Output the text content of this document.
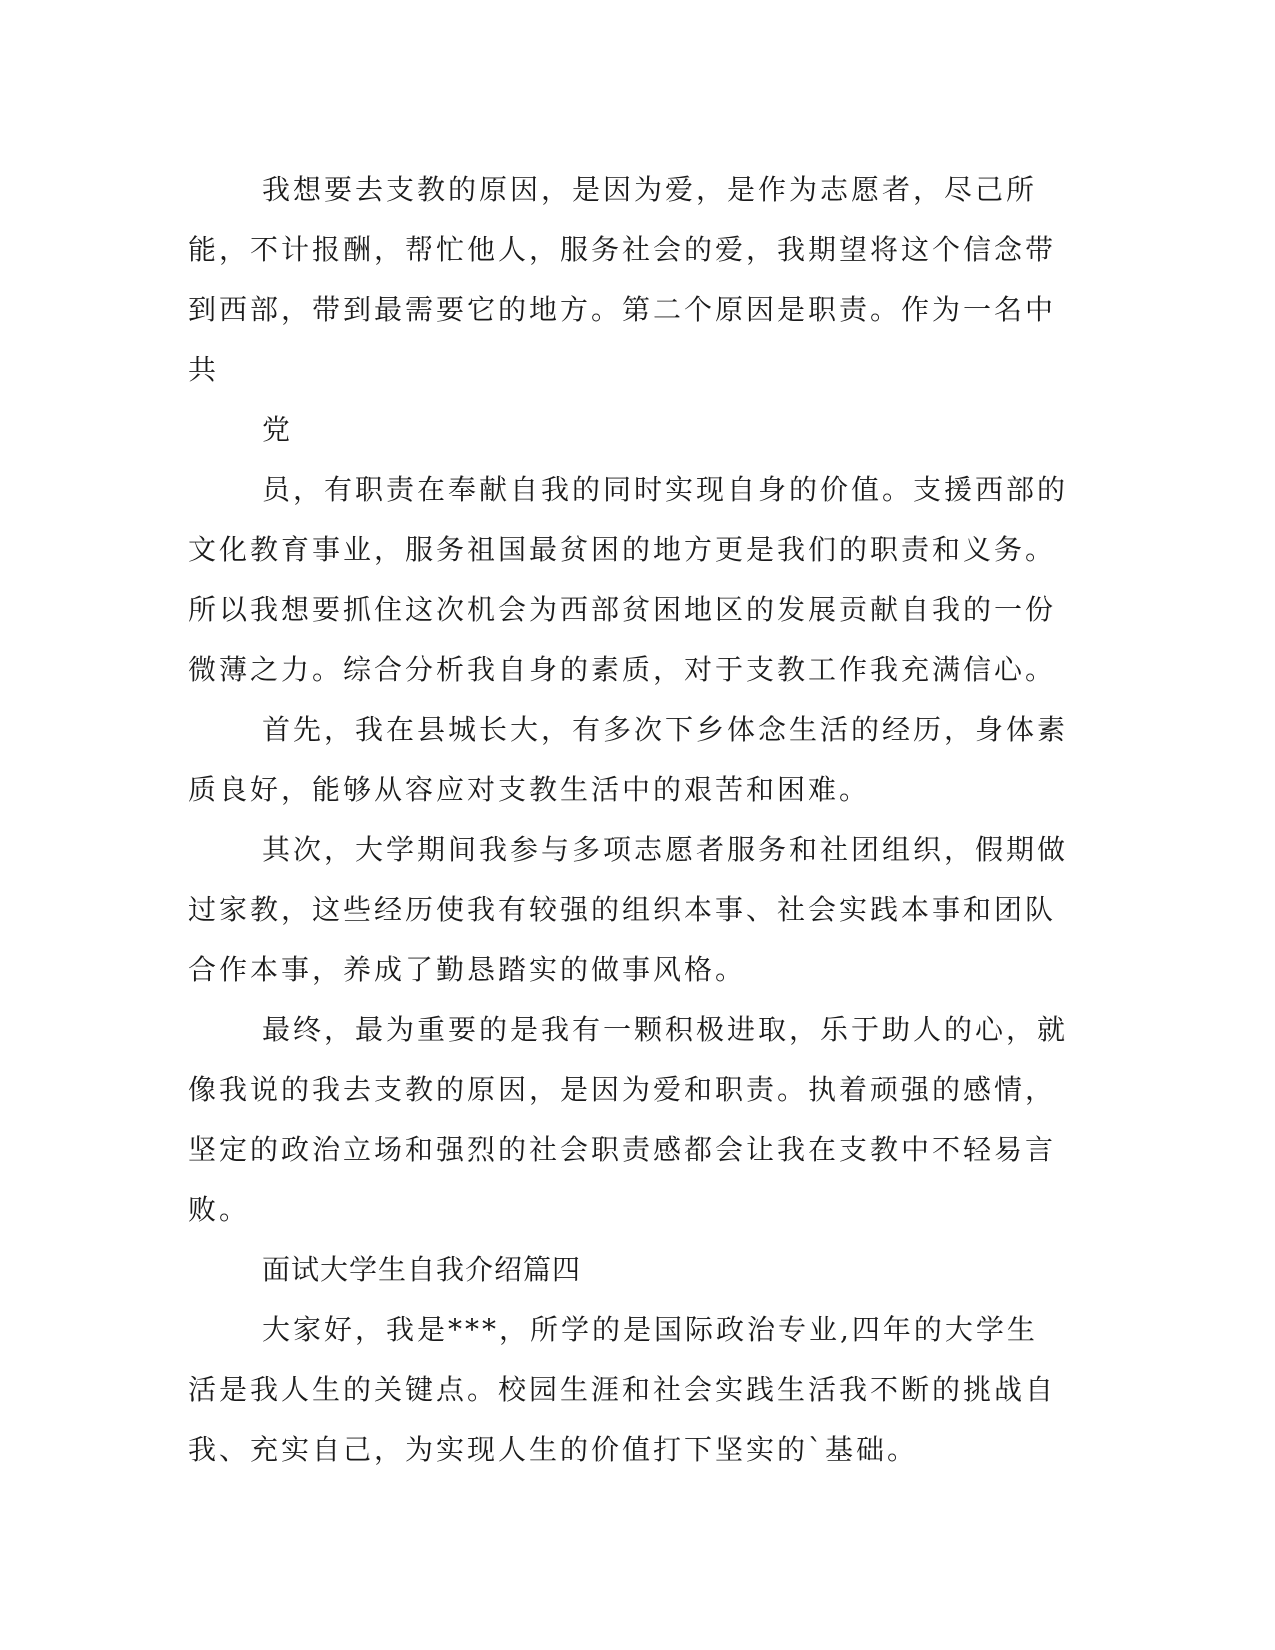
我想要去支教的原因，是因为爱，是作为志愿者，尽己所能，不计报酬，帮忙他人，服务社会的爱，我期望将这个信念带到西部，带到最需要它的地方。第二个原因是职责。作为一名中共

党

员，有职责在奉献自我的同时实现自身的价值。支援西部的文化教育事业，服务祖国最贫困的地方更是我们的职责和义务。所以我想要抓住这次机会为西部贫困地区的发展贡献自我的一份微薄之力。综合分析我自身的素质，对于支教工作我充满信心。

首先，我在县城长大，有多次下乡体念生活的经历，身体素质良好，能够从容应对支教生活中的艰苦和困难。

其次，大学期间我参与多项志愿者服务和社团组织，假期做过家教，这些经历使我有较强的组织本事、社会实践本事和团队合作本事，养成了勤恳踏实的做事风格。

最终，最为重要的是我有一颗积极进取，乐于助人的心，就像我说的我去支教的原因，是因为爱和职责。执着顽强的感情，坚定的政治立场和强烈的社会职责感都会让我在支教中不轻易言败。

面试大学生自我介绍篇四

大家好，我是***，所学的是国际政治专业,四年的大学生活是我人生的关键点。校园生涯和社会实践生活我不断的挑战自我、充实自己，为实现人生的价值打下坚实的`基础。
